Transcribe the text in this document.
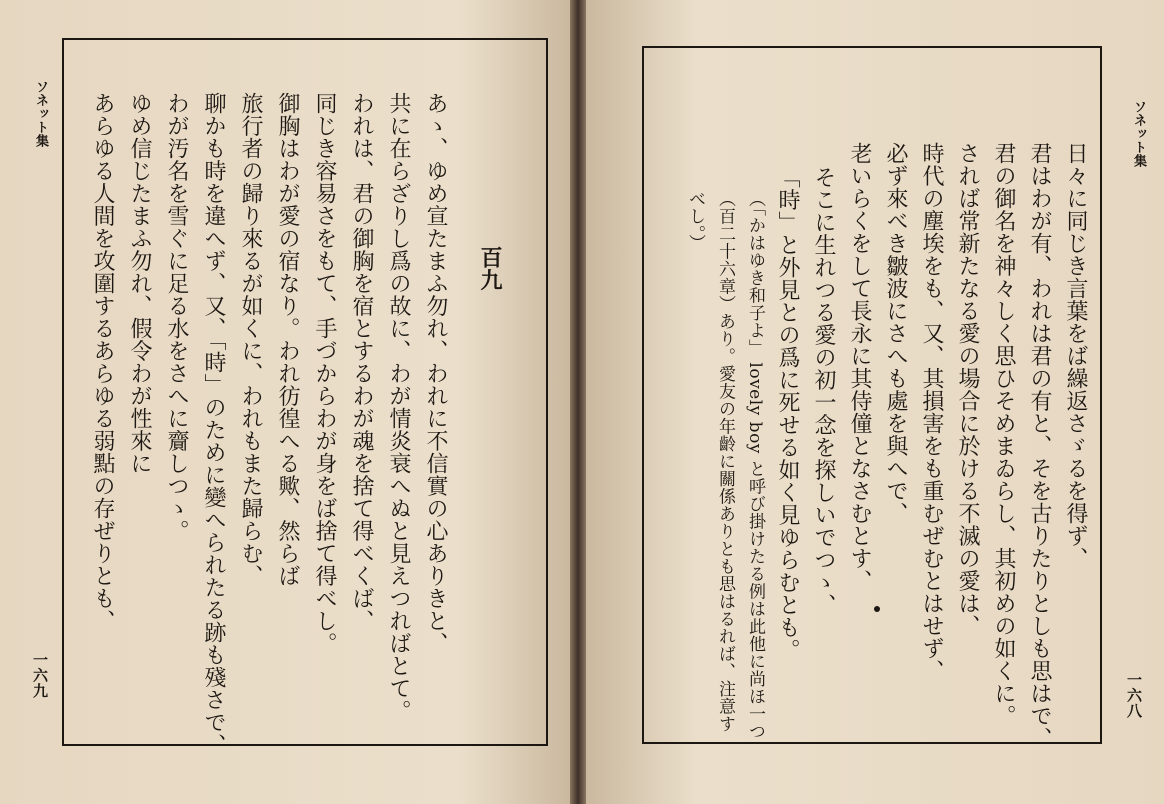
ソネット集
一六九
百九
あゝ、ゆめ宣たまふ勿れ、われに不信實の心ありきと、
共に在らざりし爲の故に、わが情炎衰へぬと見えつればとて。
われは、君の御胸を宿とするわが魂を捨て得べくば、
同じき容易さをもて、手づからわが身をば捨て得べし。
御胸はわが愛の宿なり。われ彷徨へる歟、然らば
旅行者の歸り來るが如くに、われもまた歸らむ、
聊かも時を違へず、又、「時」のために變へられたる跡も殘さで、
わが汚名を雪ぐに足る水をさへに齎しつゝ。
ゆめ信じたまふ勿れ、假令わが性來に
あらゆる人間を攻圍するあらゆる弱點の存ぜりとも、	ソネット集
一六八
日々に同じき言葉をば繰返さゞるを得ず、
君はわが有、われは君の有と、そを古りたりとしも思はで、
君の御名を神々しく思ひそめまゐらし、其初めの如くに。
されば常新たなる愛の場合に於ける不滅の愛は、
時代の塵埃をも、又、其損害をも重むぜむとはせず、
必ず來べき皺波にさへも處を與へで、
老いらくをして長永に其侍僮となさむとす、
そこに生れつる愛の初一念を探しいでつゝ、
「時」と外見との爲に死せる如く見ゆらむとも。
（「かはゆき和子よ」 lovely boy と呼び掛けたる例は此他に尚ほ一つ
（百二十六章）あり。愛友の年齡に關係ありとも思はるれば、注意す
べし。）
